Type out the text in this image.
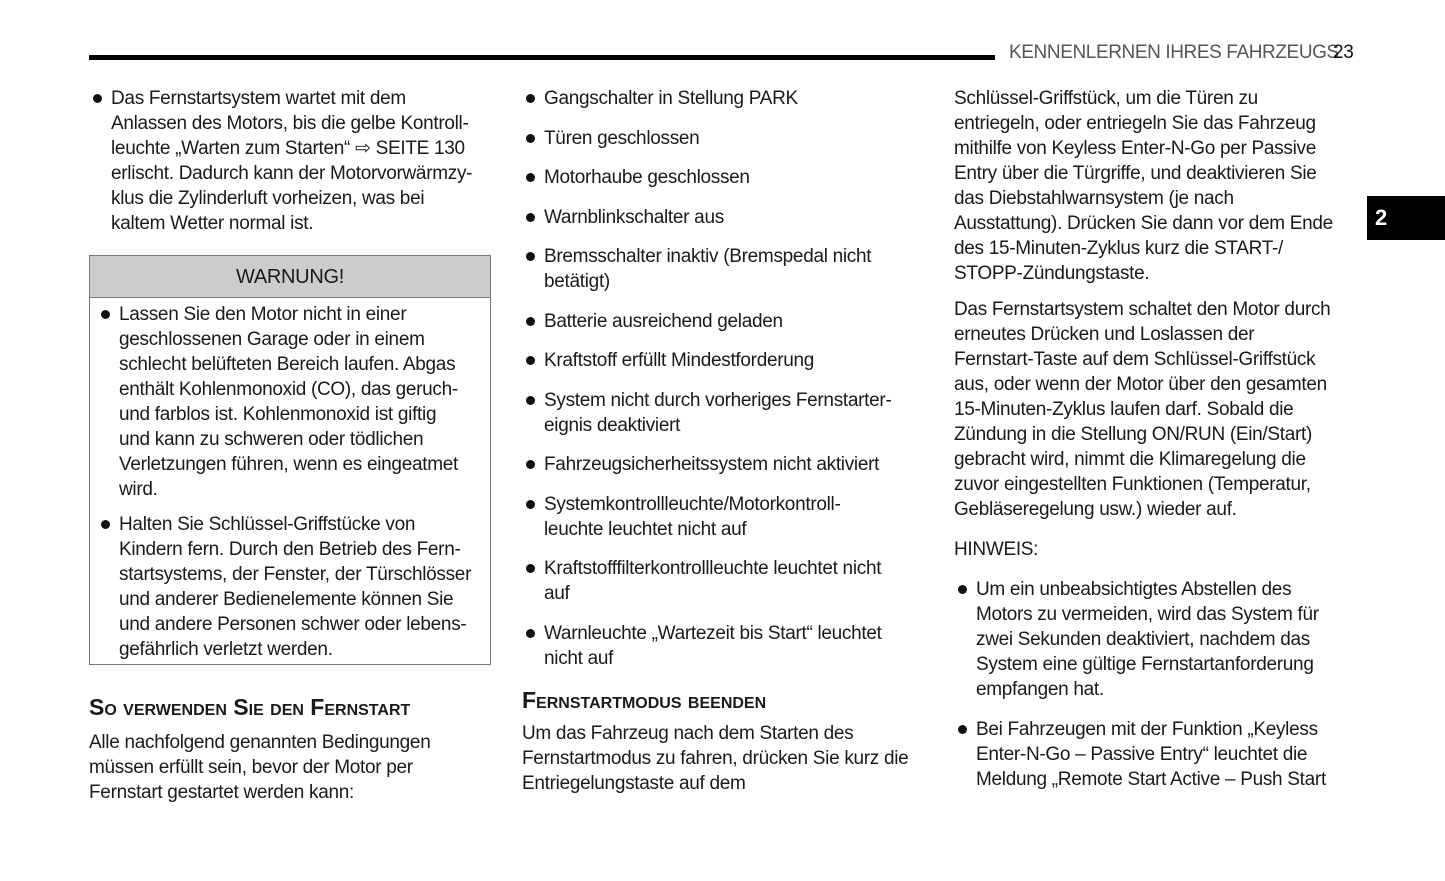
KENNENLERNEN IHRES FAHRZEUGS
23
2
Das Fernstartsystem wartet mit dem
Anlassen des Motors, bis die gelbe Kontroll-
leuchte „Warten zum Starten“ ⇨ SEITE 130
erlischt. Dadurch kann der Motorvorwärmzy-
klus die Zylinderluft vorheizen, was bei
kaltem Wetter normal ist.
WARNUNG!
Lassen Sie den Motor nicht in einer
geschlossenen Garage oder in einem
schlecht belüfteten Bereich laufen. Abgas
enthält Kohlenmonoxid (CO), das geruch-
und farblos ist. Kohlenmonoxid ist giftig
und kann zu schweren oder tödlichen
Verletzungen führen, wenn es eingeatmet
wird.
Halten Sie Schlüssel-Griffstücke von
Kindern fern. Durch den Betrieb des Fern-
startsystems, der Fenster, der Türschlösser
und anderer Bedienelemente können Sie
und andere Personen schwer oder lebens-
gefährlich verletzt werden.
So verwenden Sie den Fernstart
Alle nachfolgend genannten Bedingungen
müssen erfüllt sein, bevor der Motor per
Fernstart gestartet werden kann:
Gangschalter in Stellung PARK
Türen geschlossen
Motorhaube geschlossen
Warnblinkschalter aus
Bremsschalter inaktiv (Bremspedal nicht
betätigt)
Batterie ausreichend geladen
Kraftstoff erfüllt Mindestforderung
System nicht durch vorheriges Fernstarter-
eignis deaktiviert
Fahrzeugsicherheitssystem nicht aktiviert
Systemkontrollleuchte/Motorkontroll-
leuchte leuchtet nicht auf
Kraftstofffilterkontrollleuchte leuchtet nicht
auf
Warnleuchte „Wartezeit bis Start“ leuchtet
nicht auf
Fernstartmodus beenden
Um das Fahrzeug nach dem Starten des
Fernstartmodus zu fahren, drücken Sie kurz die
Entriegelungstaste auf dem
Schlüssel-Griffstück, um die Türen zu
entriegeln, oder entriegeln Sie das Fahrzeug
mithilfe von Keyless Enter-N-Go per Passive
Entry über die Türgriffe, und deaktivieren Sie
das Diebstahlwarnsystem (je nach
Ausstattung). Drücken Sie dann vor dem Ende
des 15-Minuten-Zyklus kurz die START-/
STOPP-Zündungstaste.
Das Fernstartsystem schaltet den Motor durch
erneutes Drücken und Loslassen der
Fernstart-Taste auf dem Schlüssel-Griffstück
aus, oder wenn der Motor über den gesamten
15-Minuten-Zyklus laufen darf. Sobald die
Zündung in die Stellung ON/RUN (Ein/Start)
gebracht wird, nimmt die Klimaregelung die
zuvor eingestellten Funktionen (Temperatur,
Gebläseregelung usw.) wieder auf.
HINWEIS:
Um ein unbeabsichtigtes Abstellen des
Motors zu vermeiden, wird das System für
zwei Sekunden deaktiviert, nachdem das
System eine gültige Fernstartanforderung
empfangen hat.
Bei Fahrzeugen mit der Funktion „Keyless
Enter-N-Go – Passive Entry“ leuchtet die
Meldung „Remote Start Active – Push Start
